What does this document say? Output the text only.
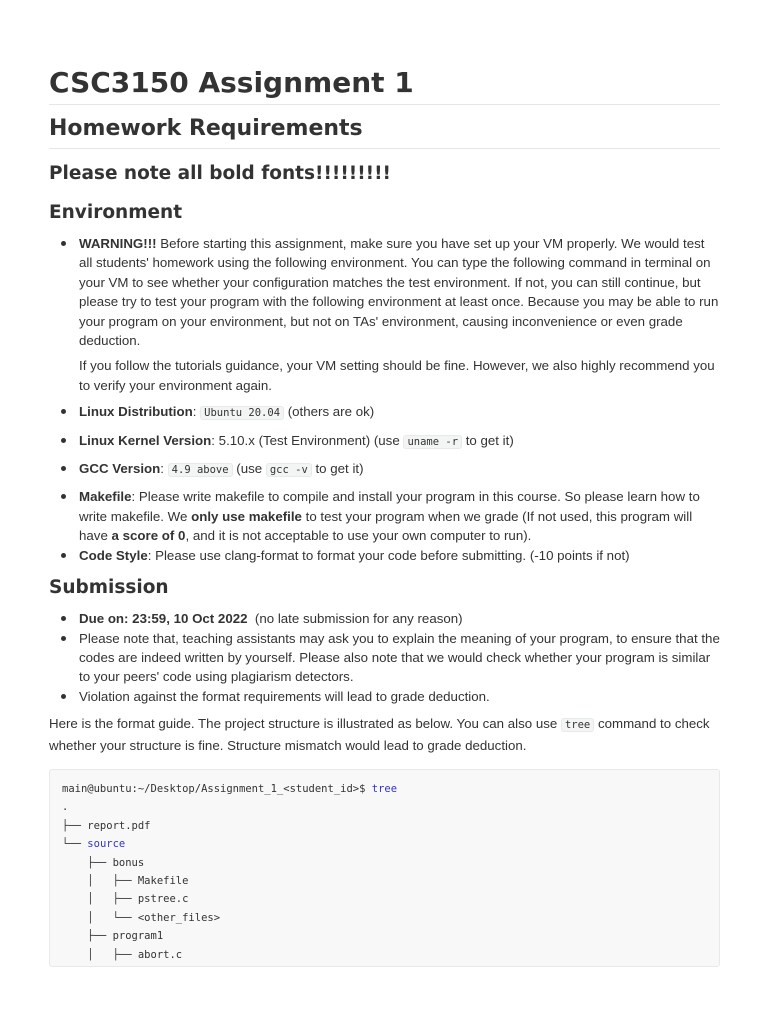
CSC3150 Assignment 1
Homework Requirements
Please note all bold fonts!!!!!!!!!
Environment

WARNING!!! Before starting this assignment, make sure you have set up your VM properly. We would test all students' homework using the following environment. You can type the following command in terminal on your VM to see whether your configuration matches the test environment. If not, you can still continue, but please try to test your program with the following environment at least once. Because you may be able to run your program on your environment, but not on TAs' environment, causing inconvenience or even grade deduction.

If you follow the tutorials guidance, your VM setting should be fine. However, we also highly recommend you to verify your environment again.

Linux Distribution: Ubuntu 20.04 (others are ok)
Linux Kernel Version: 5.10.x (Test Environment) (use uname -r to get it)
GCC Version: 4.9 above (use gcc -v to get it)
Makefile: Please write makefile to compile and install your program in this course. So please learn how to write makefile. We only use makefile to test your program when we grade (If not used, this program will have a score of 0, and it is not acceptable to use your own computer to run).
Code Style: Please use clang-format to format your code before submitting. (-10 points if not)
Submission
Due on: 23:59, 10 Oct 2022  (no late submission for any reason)
Please note that, teaching assistants may ask you to explain the meaning of your program, to ensure that the codes are indeed written by yourself. Please also note that we would check whether your program is similar to your peers' code using plagiarism detectors.
Violation against the format requirements will lead to grade deduction.

Here is the format guide. The project structure is illustrated as below. You can also use tree command to check whether your structure is fine. Structure mismatch would lead to grade deduction.

main@ubuntu:~/Desktop/Assignment_1_<student_id>$ tree
.
├── report.pdf
└── source
├── bonus
│   ├── Makefile
│   ├── pstree.c
│   └── <other_files>
├── program1
│   ├── abort.c
